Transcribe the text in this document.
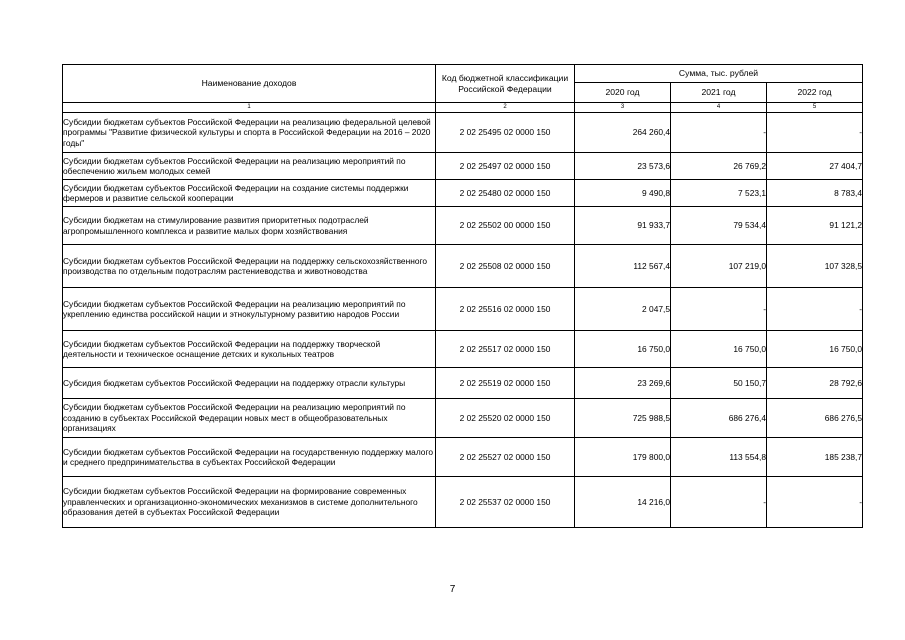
Наименование доходов	Код бюджетной классификации Российской Федерации	Сумма, тыс. рублей		
		2020 год	2021 год	2022 год
1	2	3	4	5
Субсидии бюджетам субъектов Российской Федерации на реализацию федеральной целевой программы "Развитие физической культуры и спорта в Российской Федерации на 2016 – 2020 годы"	2 02 25495 02 0000 150	264 260,4	-	-
Субсидии бюджетам субъектов Российской Федерации на реализацию мероприятий по обеспечению жильем молодых семей	2 02 25497 02 0000 150	23 573,6	26 769,2	27 404,7
Субсидии бюджетам субъектов Российской Федерации на создание системы поддержки фермеров и развитие сельской кооперации	2 02 25480 02 0000 150	9 490,8	7 523,1	8 783,4
Субсидии бюджетам на стимулирование развития приоритетных подотраслей агропромышленного комплекса и развитие малых форм хозяйствования	2 02 25502 00 0000 150	91 933,7	79 534,4	91 121,2
Субсидии бюджетам субъектов Российской Федерации на поддержку сельскохозяйственного производства по отдельным подотраслям растениеводства и животноводства	2 02 25508 02 0000 150	112 567,4	107 219,0	107 328,5
Субсидии бюджетам субъектов Российской Федерации на реализацию мероприятий по укреплению единства российской нации и этнокультурному развитию народов России	2 02 25516 02 0000 150	2 047,5	-	-
Субсидии бюджетам субъектов Российской Федерации на поддержку творческой деятельности и техническое оснащение детских и кукольных театров	2 02 25517 02 0000 150	16 750,0	16 750,0	16 750,0
Субсидия бюджетам субъектов Российской Федерации на поддержку отрасли культуры	2 02 25519 02 0000 150	23 269,6	50 150,7	28 792,6
Субсидии бюджетам субъектов Российской Федерации на реализацию мероприятий по созданию в субъектах Российской Федерации новых мест в общеобразовательных организациях	2 02 25520 02 0000 150	725 988,5	686 276,4	686 276,5
Субсидии бюджетам субъектов Российской Федерации на государственную поддержку малого и среднего предпринимательства в субъектах Российской Федерации	2 02 25527 02 0000 150	179 800,0	113 554,8	185 238,7
Субсидии бюджетам субъектов Российской Федерации на формирование современных управленческих и организационно-экономических механизмов в системе дополнительного образования детей в субъектах Российской Федерации	2 02 25537 02 0000 150	14 216,0	-	-
7
